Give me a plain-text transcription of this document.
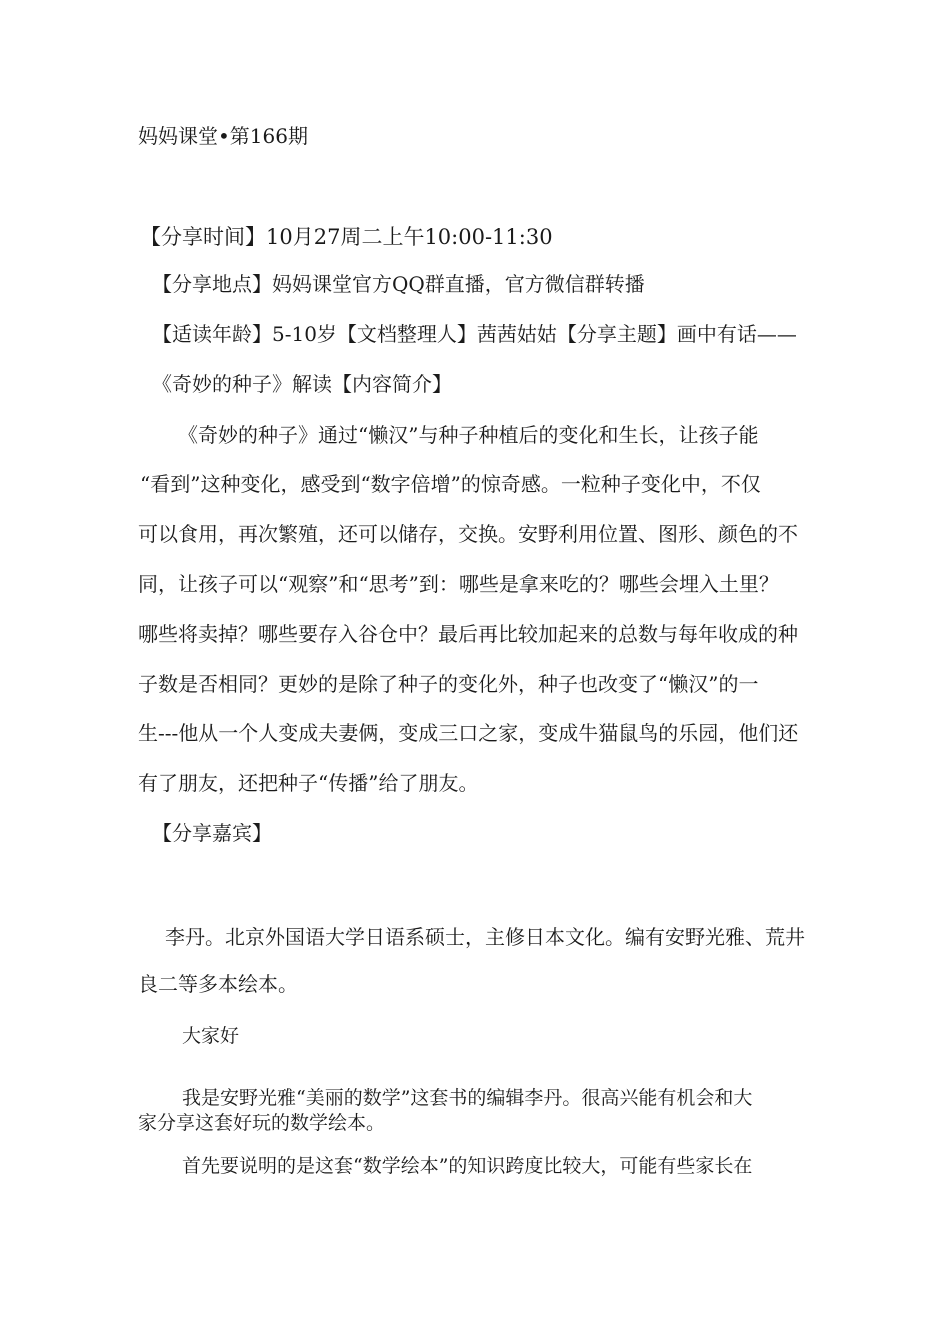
妈妈课堂•第166期
【分享时间】10月27周二上午10:00-11:30
【分享地点】妈妈课堂官方QQ群直播，官方微信群转播
【适读年龄】5-10岁【文档整理人】茜茜姑姑【分享主题】画中有话——
《奇妙的种子》解读【内容简介】
《奇妙的种子》通过“懒汉”与种子种植后的变化和生长，让孩子能
“看到”这种变化，感受到“数字倍增”的惊奇感。一粒种子变化中，不仅
可以食用，再次繁殖，还可以储存，交换。安野利用位置、图形、颜色的不
同，让孩子可以“观察”和“思考”到：哪些是拿来吃的？哪些会埋入土里？
哪些将卖掉？哪些要存入谷仓中？最后再比较加起来的总数与每年收成的种
子数是否相同？更妙的是除了种子的变化外，种子也改变了“懒汉”的一
生---他从一个人变成夫妻俩，变成三口之家，变成牛猫鼠鸟的乐园，他们还
有了朋友，还把种子“传播”给了朋友。
【分享嘉宾】
李丹。北京外国语大学日语系硕士，主修日本文化。编有安野光雅、荒井
良二等多本绘本。
大家好
我是安野光雅“美丽的数学”这套书的编辑李丹。很高兴能有机会和大
家分享这套好玩的数学绘本。
首先要说明的是这套“数学绘本”的知识跨度比较大，可能有些家长在
